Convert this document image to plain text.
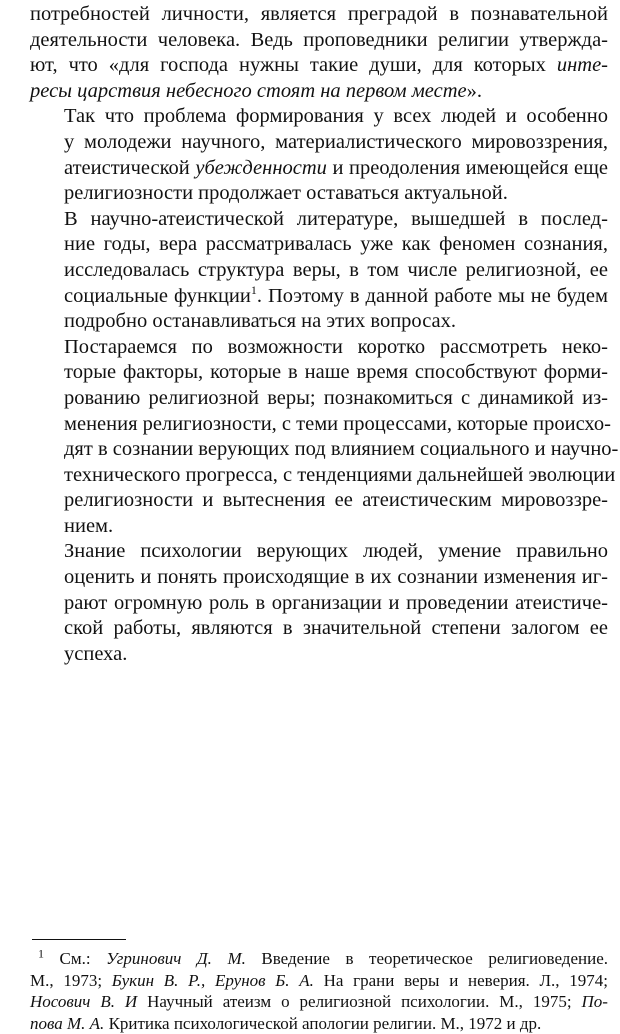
потребностей личности, является преградой в познавательной
деятельности человека. Ведь проповедники религии утвержда-
ют, что «для господа нужны такие души, для которых инте-
ресы царствия небесного стоят на первом месте».
Так что проблема формирования у всех людей и особенно
у молодежи научного, материалистического мировоззрения,
атеистической убежденности и преодоления имеющейся еще
религиозности продолжает оставаться актуальной.
В научно-атеистической литературе, вышедшей в послед-
ние годы, вера рассматривалась уже как феномен сознания,
исследовалась структура веры, в том числе религиозной, ее
социальные функции$^1$. Поэтому в данной работе мы не будем
подробно останавливаться на этих вопросах.
Постараемся по возможности коротко рассмотреть неко-
торые факторы, которые в наше время способствуют форми-
рованию религиозной веры; познакомиться с динамикой из-
менения религиозности, с теми процессами, которые происхо-
дят в сознании верующих под влиянием социального и научно-
технического прогресса, с тенденциями дальнейшей эволюции
религиозности и вытеснения ее атеистическим мировоззре-
нием.
Знание психологии верующих людей, умение правильно
оценить и понять происходящие в их сознании изменения иг-
рают огромную роль в организации и проведении атеистиче-
ской работы, являются в значительной степени залогом ее
успеха.
$^1$ См.: Угринович Д. М. Введение в теоретическое религиоведение.
М., 1973; Букин В. Р., Ерунов Б. А. На грани веры и неверия. Л., 1974;
Носович В. И Научный атеизм о религиозной психологии. М., 1975; По-
пова М. А. Критика психологической апологии религии. М., 1972 и др.
